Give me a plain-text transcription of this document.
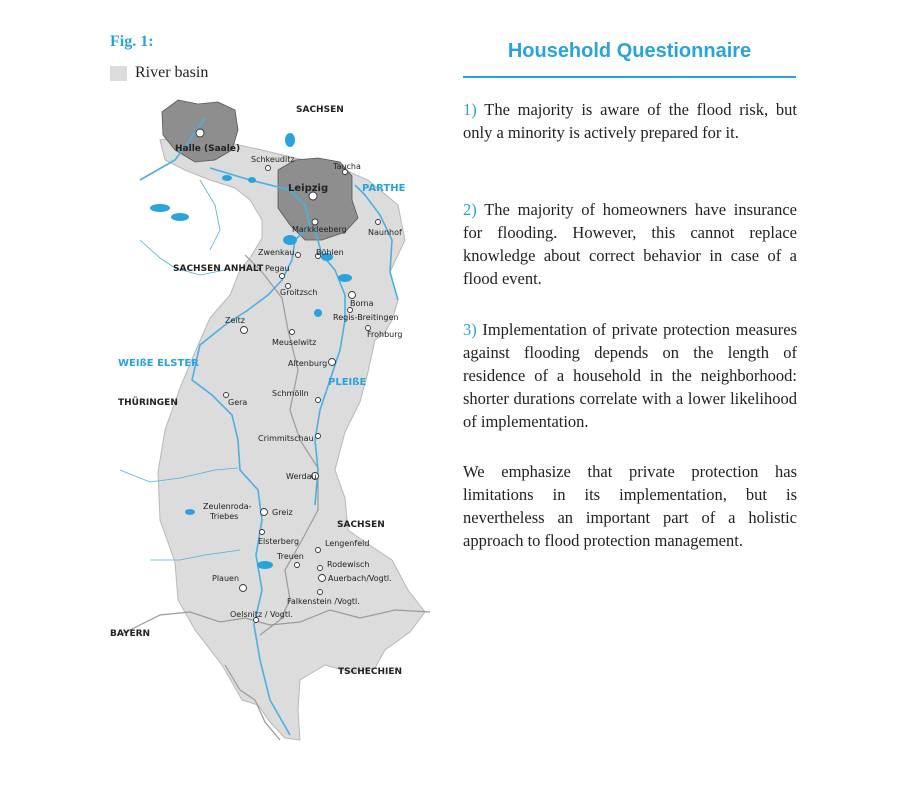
SACHSEN
SACHSEN ANHALT
THÜRINGEN
SACHSEN
BAYERN
TSCHECHIEN
PARTHE
WEIßE ELSTER
PLEIßE
Halle (Saale)
Schkeuditz
Taucha
Leipzig
Markkleeberg	Naunhof
Zwenkau	Böhlen
Pegau
Groitzsch
Borna
Regis-Breitingen
Zeitz
Frohburg
Meuselwitz
Altenburg
Schmölln
Gera
Crimmitschau
Werdau
Zeulenroda-
Triebes	Greiz
Elsterberg	Lengenfeld
Treuen
Rodewisch
Auerbach/Vogtl.
Plauen
Falkenstein /Vogtl.
Oelsnitz / Vogtl.
Fig. 1:
River basin
Household Questionnaire

1) The majority is aware of the flood risk, but only a minority is actively prepared for it.

2) The majority of homeowners have insurance for flooding. However, this cannot replace knowledge about correct behavior in case of a flood event.

3) Implementation of private protection measures against flooding depends on the length of residence of a household in the neighborhood: shorter durations correlate with a lower likelihood of implementation.

We emphasize that private protection has limitations in its implementation, but is nevertheless an important part of a holistic approach to flood protection management.
